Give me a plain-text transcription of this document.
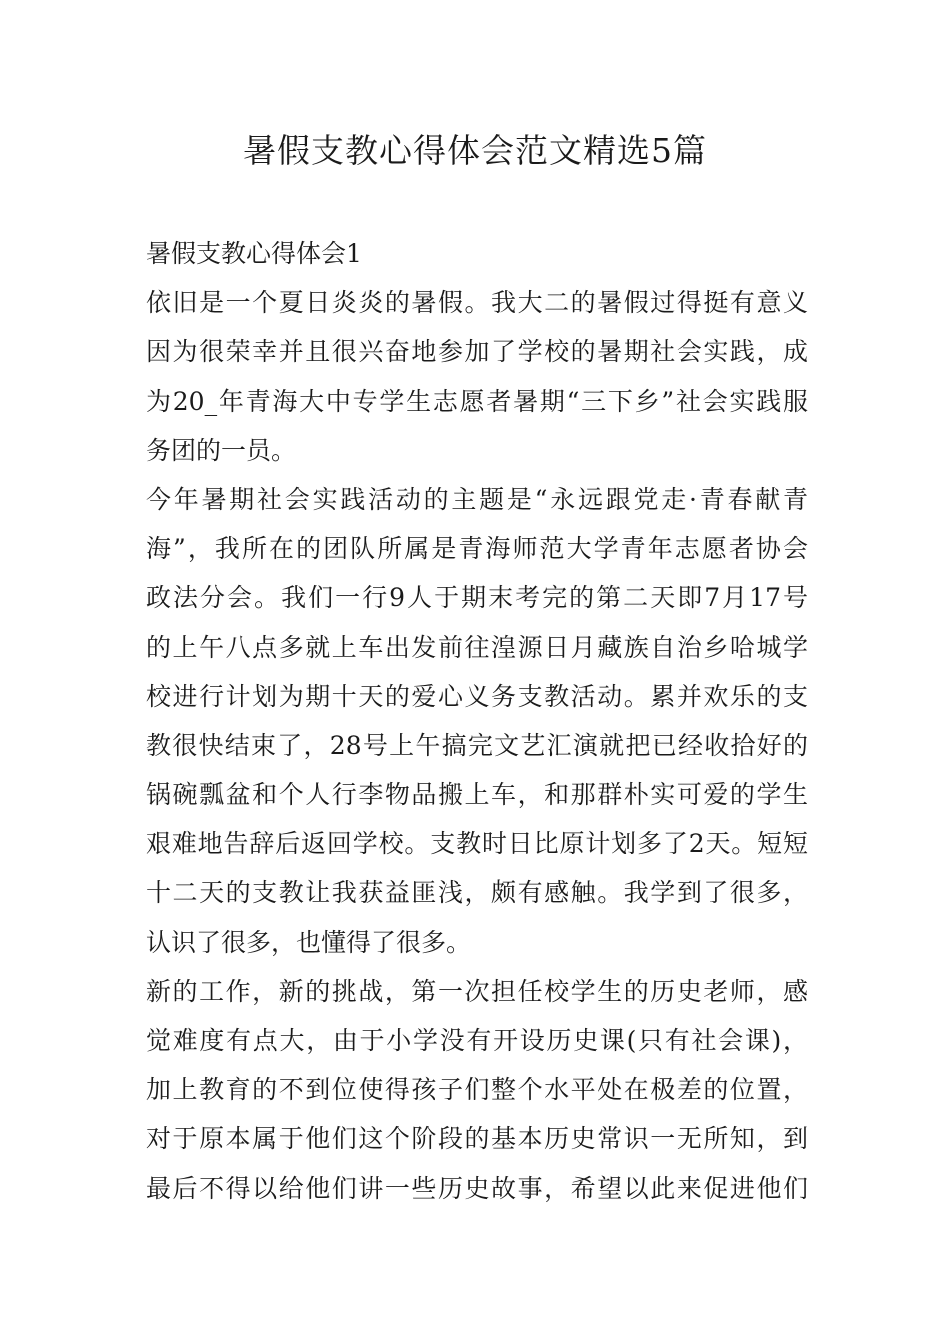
暑假支教心得体会范文精选5篇
暑假支教心得体会1
依旧是一个夏日炎炎的暑假。我大二的暑假过得挺有意义
因为很荣幸并且很兴奋地参加了学校的暑期社会实践，成
为20_年青海大中专学生志愿者暑期“三下乡”社会实践服
务团的一员。
今年暑期社会实践活动的主题是“永远跟党走·青春献青
海”，我所在的团队所属是青海师范大学青年志愿者协会
政法分会。我们一行9人于期末考完的第二天即7月17号
的上午八点多就上车出发前往湟源日月藏族自治乡哈城学
校进行计划为期十天的爱心义务支教活动。累并欢乐的支
教很快结束了，28号上午搞完文艺汇演就把已经收拾好的
锅碗瓢盆和个人行李物品搬上车，和那群朴实可爱的学生
艰难地告辞后返回学校。支教时日比原计划多了2天。短短
十二天的支教让我获益匪浅，颇有感触。我学到了很多，
认识了很多，也懂得了很多。
新的工作，新的挑战，第一次担任校学生的历史老师，感
觉难度有点大，由于小学没有开设历史课(只有社会课)，
加上教育的不到位使得孩子们整个水平处在极差的位置，
对于原本属于他们这个阶段的基本历史常识一无所知，到
最后不得以给他们讲一些历史故事，希望以此来促进他们
